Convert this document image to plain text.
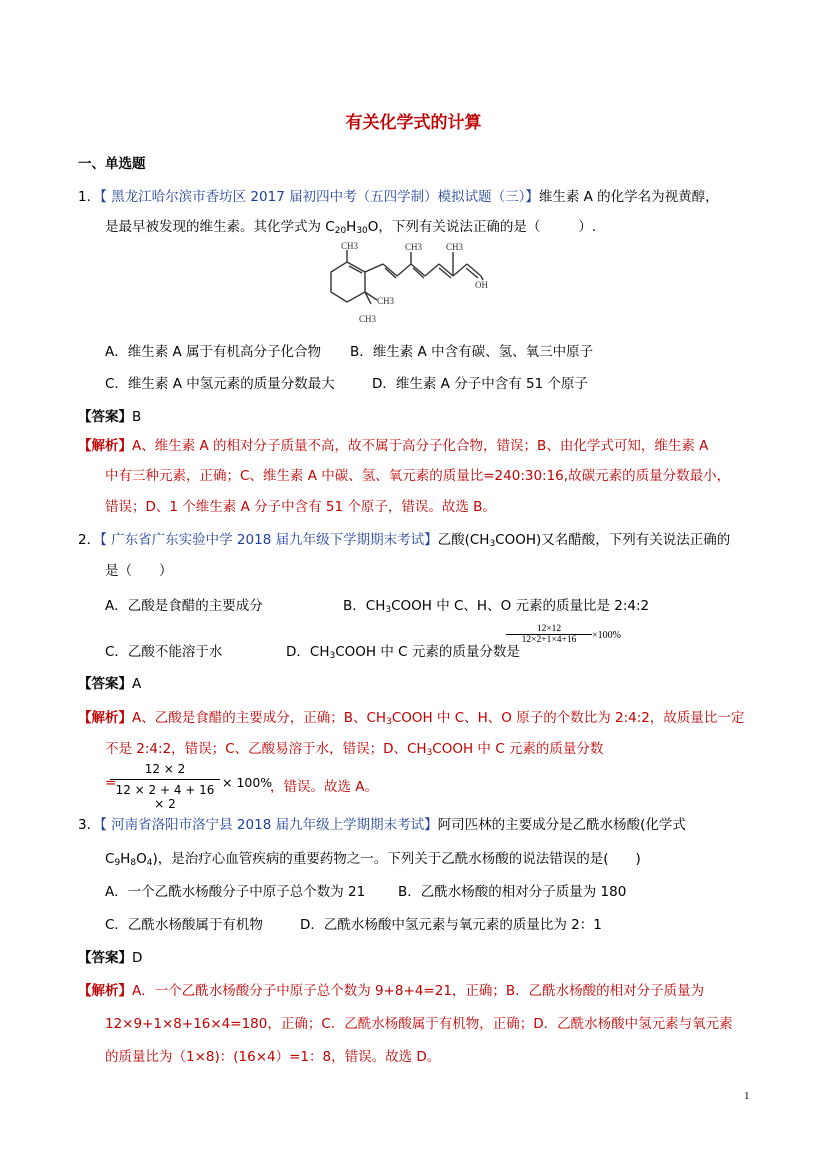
有关化学式的计算
一、单选题
1．【 黑龙江哈尔滨市香坊区 2017 届初四中考（五四学制）模拟试题（三）】维生素 A 的化学名为视黄醇，
是最早被发现的维生素。其化学式为 $C_{20}H_{30}O$，下列有关说法正确的是（	）.
CH3	CH3	CH3
CH3
CH3
OH
A．维生素 A 属于有机高分子化合物 B．维生素 A 中含有碳、氢、氧三中原子
C．维生素 A 中氢元素的质量分数最大	D．维生素 A 分子中含有 51 个原子
【答案】B
【解析】A、维生素 A 的相对分子质量不高，故不属于高分子化合物，错误；B、由化学式可知，维生素 A
中有三种元素，正确；C、维生素 A 中碳、氢、氧元素的质量比=240:30:16,故碳元素的质量分数最小，
错误；D、1 个维生素 A 分子中含有 51 个原子，错误。故选 B。
2．【 广东省广东实验中学 2018 届九年级下学期期末考试】乙酸$(CH_3COOH)$又名醋酸，下列有关说法正确的
是（　　）
A．乙酸是食醋的主要成分	B．$CH_3COOH$ 中 C、H、O 元素的质量比是 2:4:2
C．乙酸不能溶于水	D．$CH_3COOH$ 中 C 元素的质量分数是
$\frac{12\times 12}{12\times 2+1\times 4+16} \times 100\%$
【答案】A
【解析】A、乙酸是食醋的主要成分，正确；B、$CH_3COOH$ 中 C、H、O 原子的个数比为 2:4:2，故质量比一定
不是 2:4:2，错误；C、乙酸易溶于水，错误；D、$CH_3COOH$ 中 C 元素的质量分数
=
$\frac{12 \times 2}{12 \times 2 + 4 + 16 \times 2} \times 100\%$
，错误。故选 A。
3．【 河南省洛阳市洛宁县 2018 届九年级上学期期末考试】阿司匹林的主要成分是乙酰水杨酸(化学式
$C_9H_8O_4$)，是治疗心血管疾病的重要药物之一。下列关于乙酰水杨酸的说法错误的是(　　)
A．一个乙酰水杨酸分子中原子总个数为 21 B．乙酰水杨酸的相对分子质量为 180
C．乙酰水杨酸属于有机物	D．乙酰水杨酸中氢元素与氧元素的质量比为 2：1
【答案】D
【解析】A．一个乙酰水杨酸分子中原子总个数为 9+8+4=21，正确；B．乙酰水杨酸的相对分子质量为
12×9+1×8+16×4=180，正确；C．乙酰水杨酸属于有机物，正确；D．乙酰水杨酸中氢元素与氧元素
的质量比为（1×8)：(16×4）=1：8，错误。故选 D。
1
